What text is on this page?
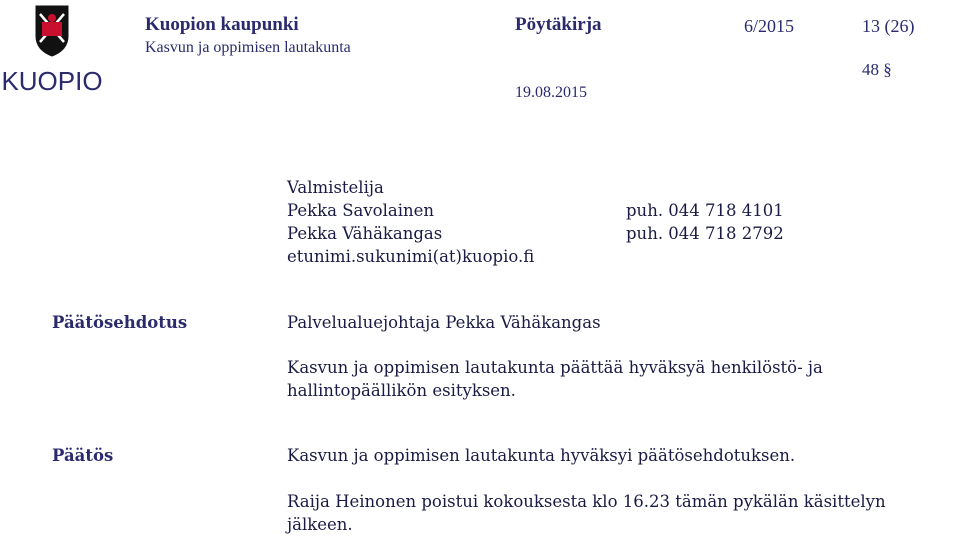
KUOPIO
Kuopion kaupunki
Kasvun ja oppimisen lautakunta
Pöytäkirja	6/2015	13 (26)
48 §
19.08.2015
Valmistelija
Pekka Savolainen	puh. 044 718 4101
Pekka Vähäkangas	puh. 044 718 2792
etunimi.sukunimi(at)kuopio.fi
Päätösehdotus	Palvelualuejohtaja Pekka Vähäkangas
Kasvun ja oppimisen lautakunta päättää hyväksyä henkilöstö- ja hallintopäällikön esityksen.
Päätös	Kasvun ja oppimisen lautakunta hyväksyi päätösehdotuksen.
Raija Heinonen poistui kokouksesta klo 16.23 tämän pykälän käsittelyn jälkeen.
